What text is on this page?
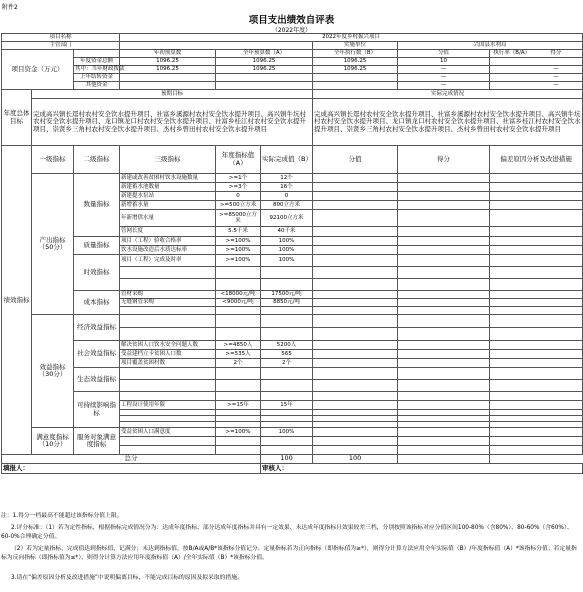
附件2
项目支出绩效自评表
（2022年度）
项目名称			2022年度乡村振兴项目					
主管部门						实施单位	兴国县水利局	
项目资金（万元）			年初预算数	全年预算数（A）		全年执行数（B）	分值	执行率（B/A） 得分
		年度资金总额	1096.25	1096.25		1096.25	10	
		其中：当年财政拨款	1096.25	1096.25		1096.25	—	—
		上年结转资金					—	—
		其他资金					—	—
年度总体目标	预期目标					实际完成情况		
	完成高兴镇长逕村农村安全饮水提升项目、社富乡溪源村农村安全饮水提升项目、高兴镇牛坑村农村安全饮水提升项目、龙口镇龙口村农村安全饮水提升项目、社富乡桂江村农村安全饮水提升项目、崇贤乡三角村农村安全饮水提升项目、杰村乡曾田村农村安全饮水提升项目					完成高兴镇长逕村农村安全饮水提升项目、社富乡溪源村农村安全饮水提升项目、高兴镇牛坑村农村安全饮水提升项目、龙口镇龙口村农村安全饮水提升项目、社富乡桂江村农村安全饮水提升项目、崇贤乡三角村农村安全饮水提升项目、杰村乡曾田村农村安全饮水提升项目		
绩效指标	一级指标	二级指标	三级指标	年度指标值（A）	实际完成值（B）	分值	得分	偏差原因分析及改进措施
	产出指标（50分）	数量指标	新建或改善贫困村饮水设施数量	>=1个	12个			
			新建蓄水池数量	>=3个	16个			
			新建提水泵站	0	0			
			新增蓄水量	>=500立方米	800立方米			
			年新增供水量	>=85000立方米	92100立方米			
			管网长度	5.5千米	40千米			
		质量指标	项目（工程）验收合格率	>=100%	100%			
			饮水设施改造后水质达标率	>=100%	100%			
		时效指标	项目（工程）完成及时率	>=100%	100%			

		成本指标	管材采购	<18000元/吨	17500元/吨			
			无缝钢管采购	<9000元/吨	8850元/吨			

	效益指标（30分）	经济效益指标						

		社会效益指标	解决贫困人口饮水安全问题人数	>=4850人	5200人			
			受益建档立卡贫困人口数	>=535人	565			
			项目覆盖贫困村数	2个	2个			
		生态效益指标						

		可持续影响指标						
			工程设计使用年限	>=15年	15年			

	满意度指标（10分）	服务对象满意度指标	受益贫困人口满意度	>=100%	100%			

总分					100	100		
填报人：					审核人：			
注：1.得分一档最高不能超过该指标分值上限。
2.评分标准：（1）若为定性指标，根据指标完成情况分为：达成年度指标、部分达成年度指标并具有一定效果、未达成年度指标且效果较差三档，分别按照该指标对应分值区间100-80%（含80%）、80-60%（含60%）、60-0%合理确定分值。
（2）若为定量指标，完成值达到指标值，记满分；未达到指标值，按B/A或A/B*该指标分值记分。定量指标若为正向指标（即指标值为≥*），则得分计算方法应用全年实际值（B）/年度指标值（A）*该指标分值；若定量指标为反向指标（即指标值为≤*），则得分计算方法应用年度指标值（A）/全年实际值（B）*该指标分值。
3.请在“偏差原因分析及改进措施”中说明偏离目标、不能完成目标的原因及拟采取的措施。
